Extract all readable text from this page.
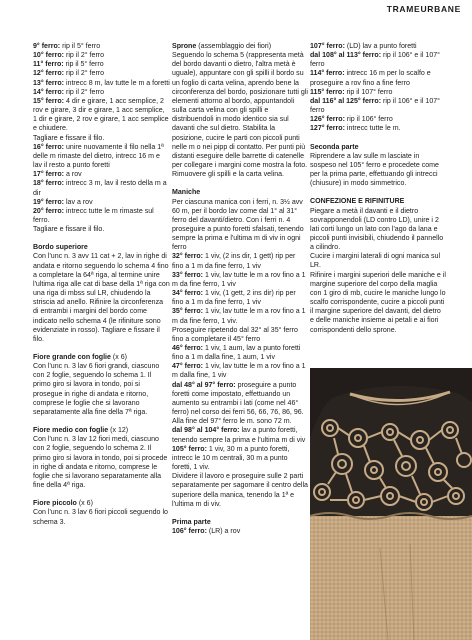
TRAMEURBANE

9° ferro: rip il 5° ferro

10° ferro: rip il 2° ferro

11° ferro: rip il 5° ferro

12° ferro: rip il 2° ferro

13° ferro: intrecc 8 m, lav tutte le m a foretti

14° ferro: rip il 2° ferro

15° ferro: 4 dir e girare, 1 acc semplice, 2 rov e girare, 3 dir e girare, 1 acc semplice, 1 dir e girare, 2 rov e girare, 1 acc semplice e chiudere.

Tagliare e fissare il filo.

16° ferro: unire nuovamente il filo nella 1ª delle m rimaste del dietro, intrecc 16 m e lav il resto a punto foretti

17° ferro: a rov

18° ferro: intrecc 3 m, lav il resto della m a dir

19° ferro: lav a rov

20° ferro: intrecc tutte le m rimaste sul ferro.

Tagliare e fissare il filo.

Bordo superiore

Con l'unc n. 3 avv 11 cat + 2, lav in righe di andata e ritorno seguendo lo schema 4 fino a completare la 64ª riga, al termine unire l'ultima riga alle cat di base della 1ª riga con una riga di mbss sul LR, chiudendo la striscia ad anello. Rifinire la circonferenza di entrambi i margini del bordo come indicato nello schema 4 (le rifiniture sono evidenziate in rosso). Tagliare e fissare il filo.

Fiore grande con foglie (x 6)

Con l'unc n. 3 lav 6 fiori grandi, ciascuno con 2 foglie, seguendo lo schema 1. Il primo giro si lavora in tondo, poi si prosegue in righe di andata e ritorno, comprese le foglie che si lavorano separatamente alla fine della 7ª riga.

Fiore medio con foglie (x 12)

Con l'unc n. 3 lav 12 fiori medi, ciascuno con 2 foglie, seguendo lo schema 2. Il primo giro si lavora in tondo, poi si procede in righe di andata e ritorno, comprese le foglie che si lavorano separatamente alla fine della 4ª riga.

Fiore piccolo (x 6)

Con l'unc n. 3 lav 6 fiori piccoli seguendo lo schema 3.

Sprone (assemblaggio dei fiori)

Seguendo lo schema 5 (rappresenta metà del bordo davanti o dietro, l'altra metà è uguale), appuntare con gli spilli il bordo su un foglio di carta velina, aprendo bene la circonferenza del bordo, posizionare tutti gli elementi attorno al bordo, appuntandoli sulla carta velina con gli spilli e distribuendoli in modo identico sia sul davanti che sul dietro. Stabilita la posizione, cucire le parti con piccoli punti nelle m o nei pipp di contatto. Per punti più distanti eseguire delle barrette di catenelle per collegare i margini come mostra la foto. Rimuovere gli spilli e la carta velina.

Maniche

Per ciascuna manica con i ferri, n. 3½ avv 60 m, per il bordo lav come dal 1° al 31° ferro del davanti/dietro. Con i ferri n. 4 proseguire a punto foretti sfalsati, tenendo sempre la prima e l'ultima m di viv in ogni ferro

32° ferro: 1 viv, (2 ins dir, 1 gett) rip per fino a 1 m da fine ferro, 1 viv

33° ferro: 1 viv, lav tutte le m a rov fino a 1 m da fine ferro, 1 viv

34° ferro: 1 viv, (1 gett, 2 ins dir) rip per fino a 1 m da fine ferro, 1 viv

35° ferro: 1 viv, lav tutte le m a rov fino a 1 m da fine ferro, 1 viv.

Proseguire ripetendo dal 32° al 35° ferro fino a completare il 45° ferro

46° ferro: 1 viv, 1 aum, lav a punto foretti fino a 1 m dalla fine, 1 aum, 1 viv

47° ferro: 1 viv, lav tutte le m a rov fino a 1 m dalla fine, 1 viv

dal 48° al 97° ferro: proseguire a punto foretti come impostato, effettuando un aumento su entrambi i lati (come nel 46° ferro) nel corso dei ferri 56, 66, 76, 86, 96. Alla fine del 97° ferro le m. sono 72 m.

dal 98° al 104° ferro: lav a punto foretti, tenendo sempre la prima e l'ultima m di viv

105° ferro: 1 viv, 30 m a punto foretti, intrecc le 10 m centrali, 30 m a punto foretti, 1 viv.

Dividere il lavoro e proseguire sulle 2 parti separatamente per sagomare il centro della superiore della manica, tenendo la 1ª e l'ultima m di viv.

Prima parte

106° ferro: (LR) a rov

107° ferro: (LD) lav a punto foretti

dal 108° al 113° ferro: rip il 106° e il 107° ferro

114° ferro: intrecc 16 m per lo scalfo e proseguire a rov fino a fine ferro

115° ferro: rip il 107° ferro

dal 116° al 125° ferro: rip il 106° e il 107° ferro

126° ferro: rip il 106° ferro

127° ferro: intrecc tutte le m.

Seconda parte

Riprendere a lav sulle m lasciate in sospeso nel 105° ferro e procedete come per la prima parte, effettuando gli intrecci (chiusure) in modo simmetrico.

CONFEZIONE E RIFINITURE

Piegare a metà il davanti e il dietro sovrapponendoli (LD contro LD), unire i 2 lati corti lungo un lato con l'ago da lana e piccoli punti invisibili, chiudendo il pannello a cilindro.

Cucire i margini laterali di ogni manica sul LR.

Rifinire i margini superiori delle maniche e il margine superiore del corpo della maglia con 1 giro di mb, cucire le maniche lungo lo scalfo corrispondente, cucire a piccoli punti il margine superiore del davanti, del dietro e delle maniche insieme ai petali e ai fiori corrispondenti dello sprone.
